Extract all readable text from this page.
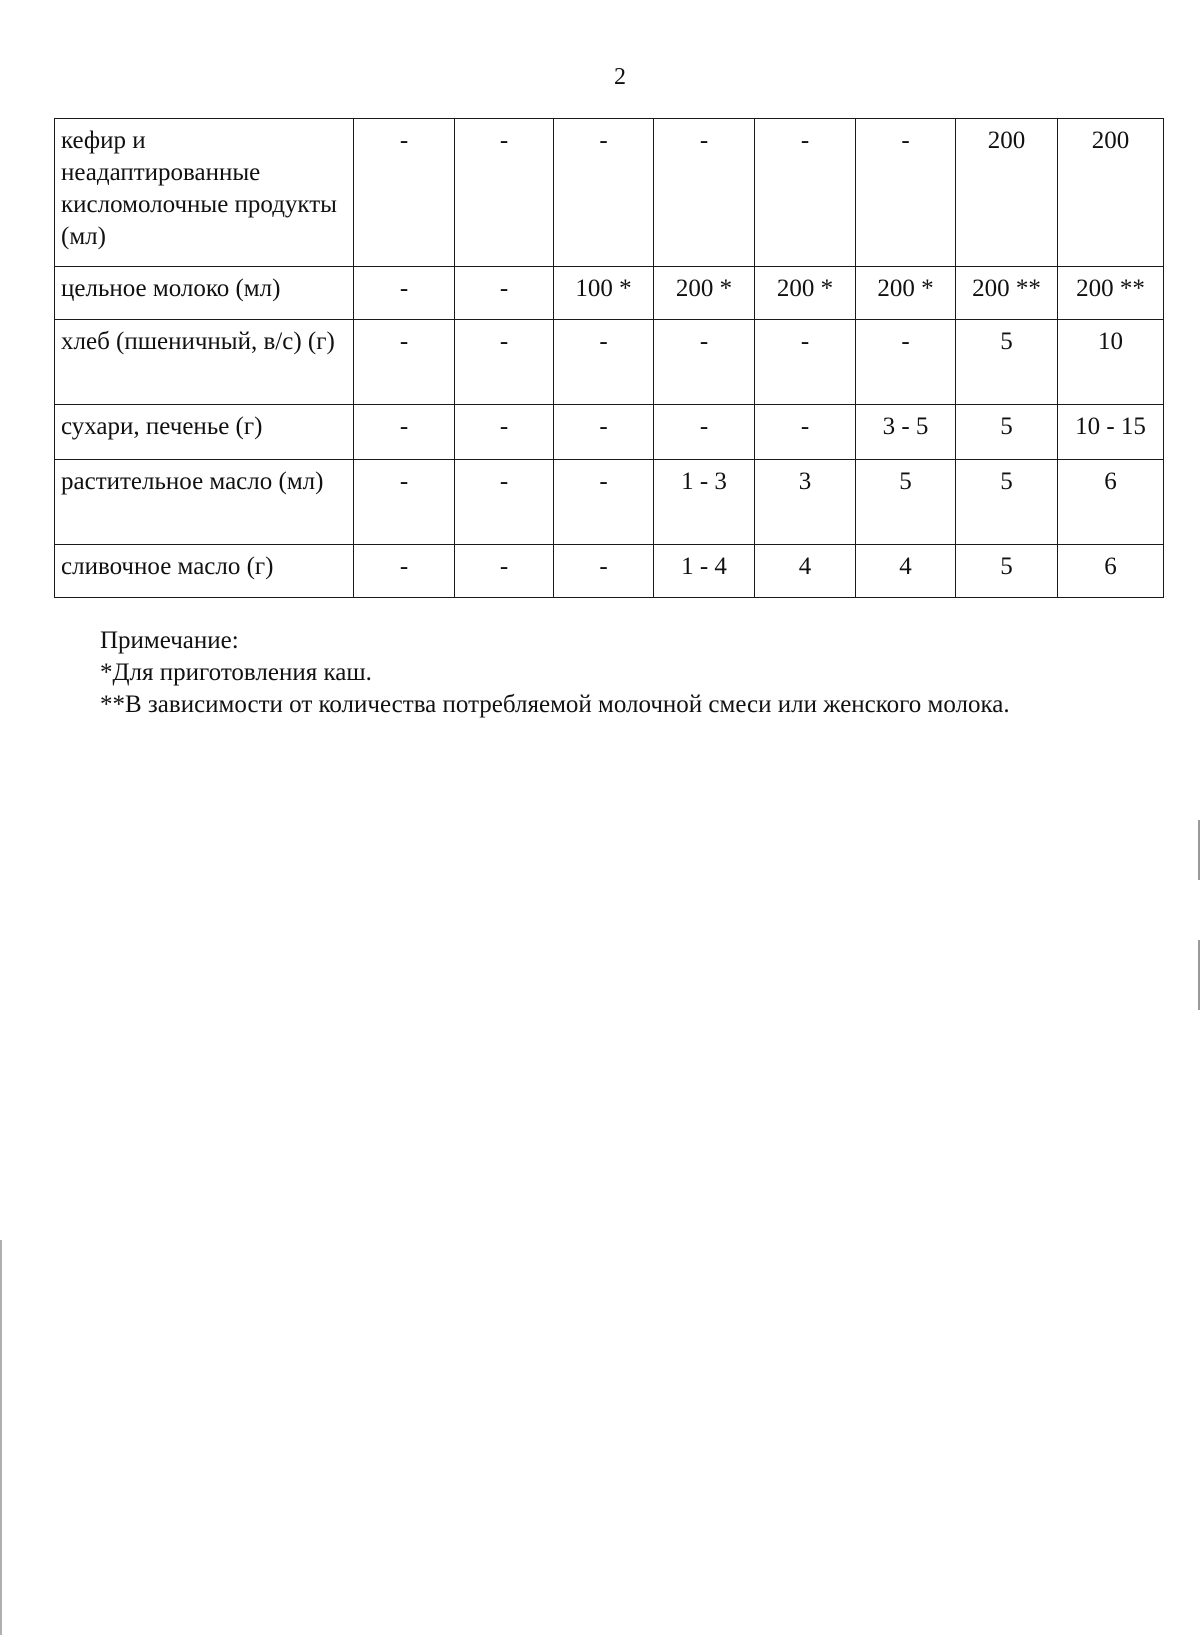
2
кефир и неадаптированные кисломолочные продукты (мл)	-	-	-	-	-	-	200	200
цельное молоко (мл)	-	-	100 *	200 *	200 *	200 *	200 **	200 **
хлеб (пшеничный, в/с) (г)	-	-	-	-	-	-	5	10
сухари, печенье (г)	-	-	-	-	-	3 - 5	5	10 - 15
растительное масло (мл)	-	-	-	1 - 3	3	5	5	6
сливочное масло (г)	-	-	-	1 - 4	4	4	5	6
Примечание:
*Для приготовления каш.
**В зависимости от количества потребляемой молочной смеси или женского молока.
